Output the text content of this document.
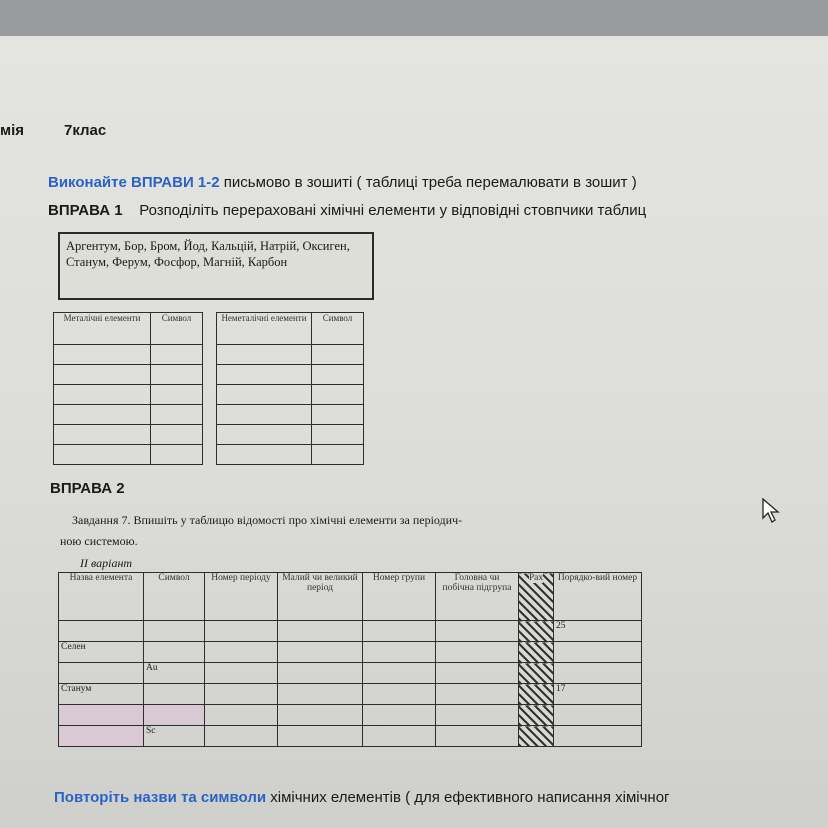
мія	7клас
Виконайте ВПРАВИ 1-2 письмово в зошиті ( таблиці треба перемалювати в зошит )
ВПРАВА 1 Розподіліть перераховані хімічні елементи у відповідні стовпчики таблиц
Аргентум, Бор, Бром, Йод, Кальцій, Натрій, Оксиген, Станум, Ферум, Фосфор, Магній, Карбон
Металічні елементи	Символ

		Неметалічні елементи	Символ

ВПРАВА 2
Завдання 7. Впишіть у таблицю відомості про хімічні елементи за періодич-
ною системою.
II варіант
Назва елемента	Символ	Номер періоду	Малий чи великий період	Номер групи	Головна чи побічна підгрупа	Рах	Порядко-вий номер
							25
Селен							
	Au						
Станум							17

	Sc						
Повторіть назви та символи хімічних елементів ( для ефективного написання хімічног
